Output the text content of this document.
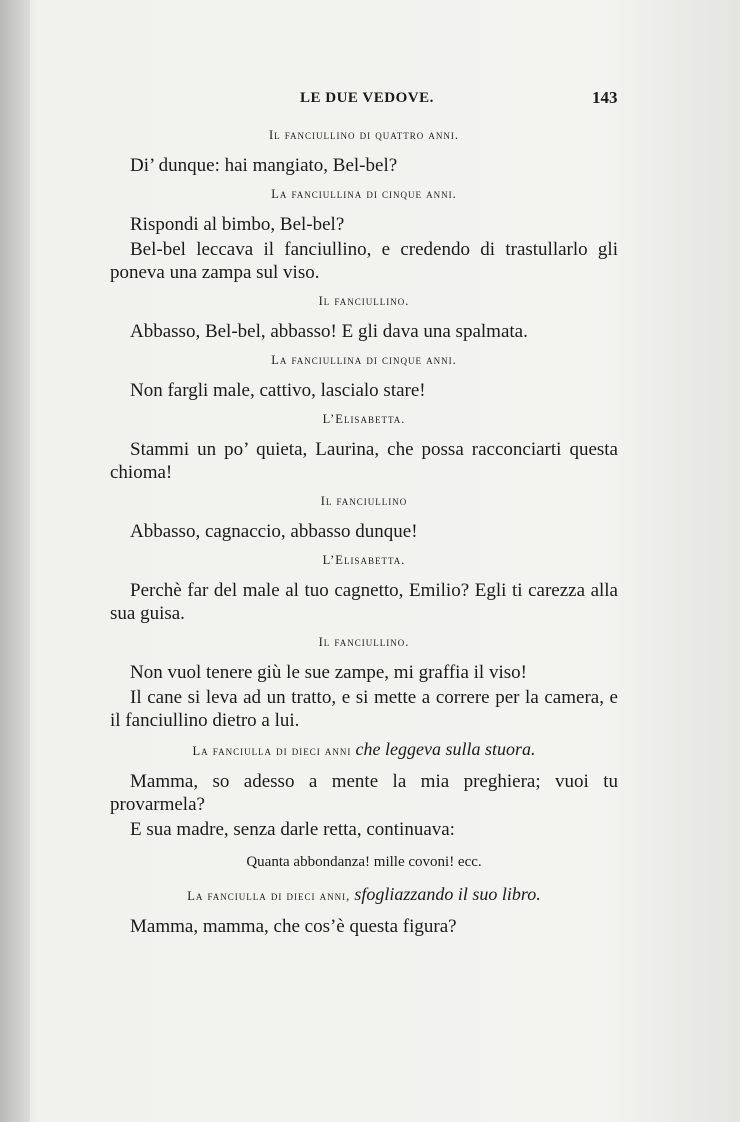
LE DUE VEDOVE.	143
Il fanciullino di quattro anni.

Di’ dunque: hai mangiato, Bel-bel?

La fanciullina di cinque anni.

Rispondi al bimbo, Bel-bel?

Bel-bel leccava il fanciullino, e credendo di trastullarlo gli poneva una zampa sul viso.

Il fanciullino.

Abbasso, Bel-bel, abbasso! E gli dava una spalmata.

La fanciullina di cinque anni.

Non fargli male, cattivo, lascialo stare!

L’Elisabetta.

Stammi un po’ quieta, Laurina, che possa racconciarti questa chioma!

Il fanciullino

Abbasso, cagnaccio, abbasso dunque!

L’Elisabetta.

Perchè far del male al tuo cagnetto, Emilio? Egli ti carezza alla sua guisa.

Il fanciullino.

Non vuol tenere giù le sue zampe, mi graffia il viso!

Il cane si leva ad un tratto, e si mette a correre per la camera, e il fanciullino dietro a lui.

La fanciulla di dieci anni che leggeva sulla stuora.

Mamma, so adesso a mente la mia preghiera; vuoi tu provarmela?

E sua madre, senza darle retta, continuava:

Quanta abbondanza! mille covoni! ecc.
La fanciulla di dieci anni, sfogliazzando il suo libro.

Mamma, mamma, che cos’è questa figura?
